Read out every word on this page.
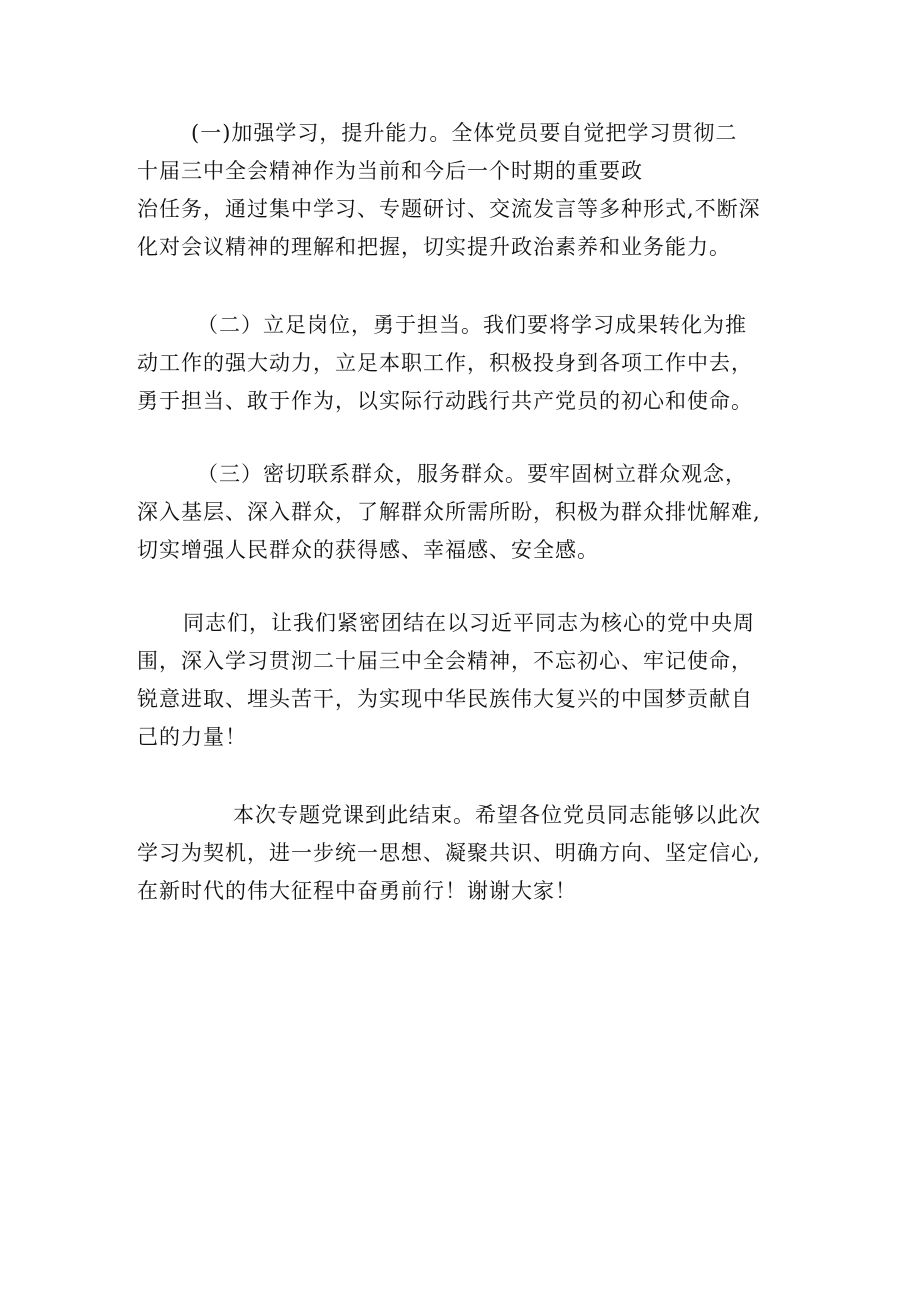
(一)加强学习，提升能力。全体党员要自觉把学习贯彻二
十届三中全会精神作为当前和今后一个时期的重要政
治任务，通过集中学习、专题研讨、交流发言等多种形式,不断深
化对会议精神的理解和把握，切实提升政治素养和业务能力。
（二）立足岗位，勇于担当。我们要将学习成果转化为推
动工作的强大动力，立足本职工作，积极投身到各项工作中去，
勇于担当、敢于作为，以实际行动践行共产党员的初心和使命。
（三）密切联系群众，服务群众。要牢固树立群众观念，
深入基层、深入群众，了解群众所需所盼，积极为群众排忧解难,
切实增强人民群众的获得感、幸福感、安全感。
同志们，让我们紧密团结在以习近平同志为核心的党中央周
围，深入学习贯沏二十届三中全会精神，不忘初心、牢记使命，
锐意进取、埋头苦干，为实现中华民族伟大复兴的中国梦贡献自
己的力量！
本次专题党课到此结束。希望各位党员同志能够以此次
学习为契机，进一步统一思想、凝聚共识、明确方向、坚定信心,
在新时代的伟大征程中奋勇前行！谢谢大家！
